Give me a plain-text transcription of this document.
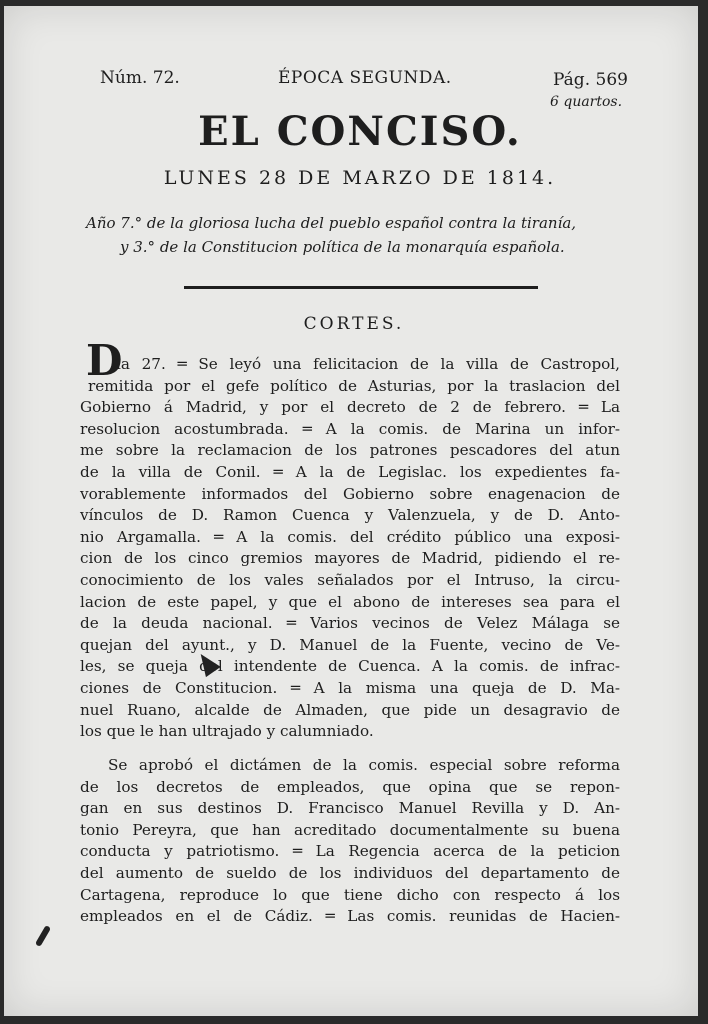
Núm. 72.	ÉPOCA SEGUNDA.	Pág. 569
6 quartos.
EL CONCISO.
LUNES 28 DE MARZO DE 1814.
Año 7.° de la gloriosa lucha del pueblo español contra la tiranía,
y 3.° de la Constitucion política de la monarquía española.
CORTES.
D
ia 27. ═ Se leyó una felicitacion de la villa de Castropol,
remitida por el gefe político de Asturias, por la traslacion del
Gobierno á Madrid, y por el decreto de 2 de febrero. ═ La
resolucion acostumbrada. ═ A la comis. de Marina un infor-
me sobre la reclamacion de los patrones pescadores del atun
de la villa de Conil. ═ A la de Legislac. los expedientes fa-
vorablemente informados del Gobierno sobre enagenacion de
vínculos de D. Ramon Cuenca y Valenzuela, y de D. Anto-
nio Argamalla. ═ A la comis. del crédito público una exposi-
cion de los cinco gremios mayores de Madrid, pidiendo el re-
conocimiento de los vales señalados por el Intruso, la circu-
lacion de este papel, y que el abono de intereses sea para el
de la deuda nacional. ═ Varios vecinos de Velez Málaga se
quejan del ayunt., y D. Manuel de la Fuente, vecino de Ve-
les, se queja del intendente de Cuenca. A la comis. de infrac-
ciones de Constitucion. ═ A la misma una queja de D. Ma-
nuel Ruano, alcalde de Almaden, que pide un desagravio de
los que le han ultrajado y calumniado.
Se aprobó el dictámen de la comis. especial sobre reforma
de los decretos de empleados, que opina que se repon-
gan en sus destinos D. Francisco Manuel Revilla y D. An-
tonio Pereyra, que han acreditado documentalmente su buena
conducta y patriotismo. ═ La Regencia acerca de la peticion
del aumento de sueldo de los individuos del departamento de
Cartagena, reproduce lo que tiene dicho con respecto á los
empleados en el de Cádiz. ═ Las comis. reunidas de Hacien-
